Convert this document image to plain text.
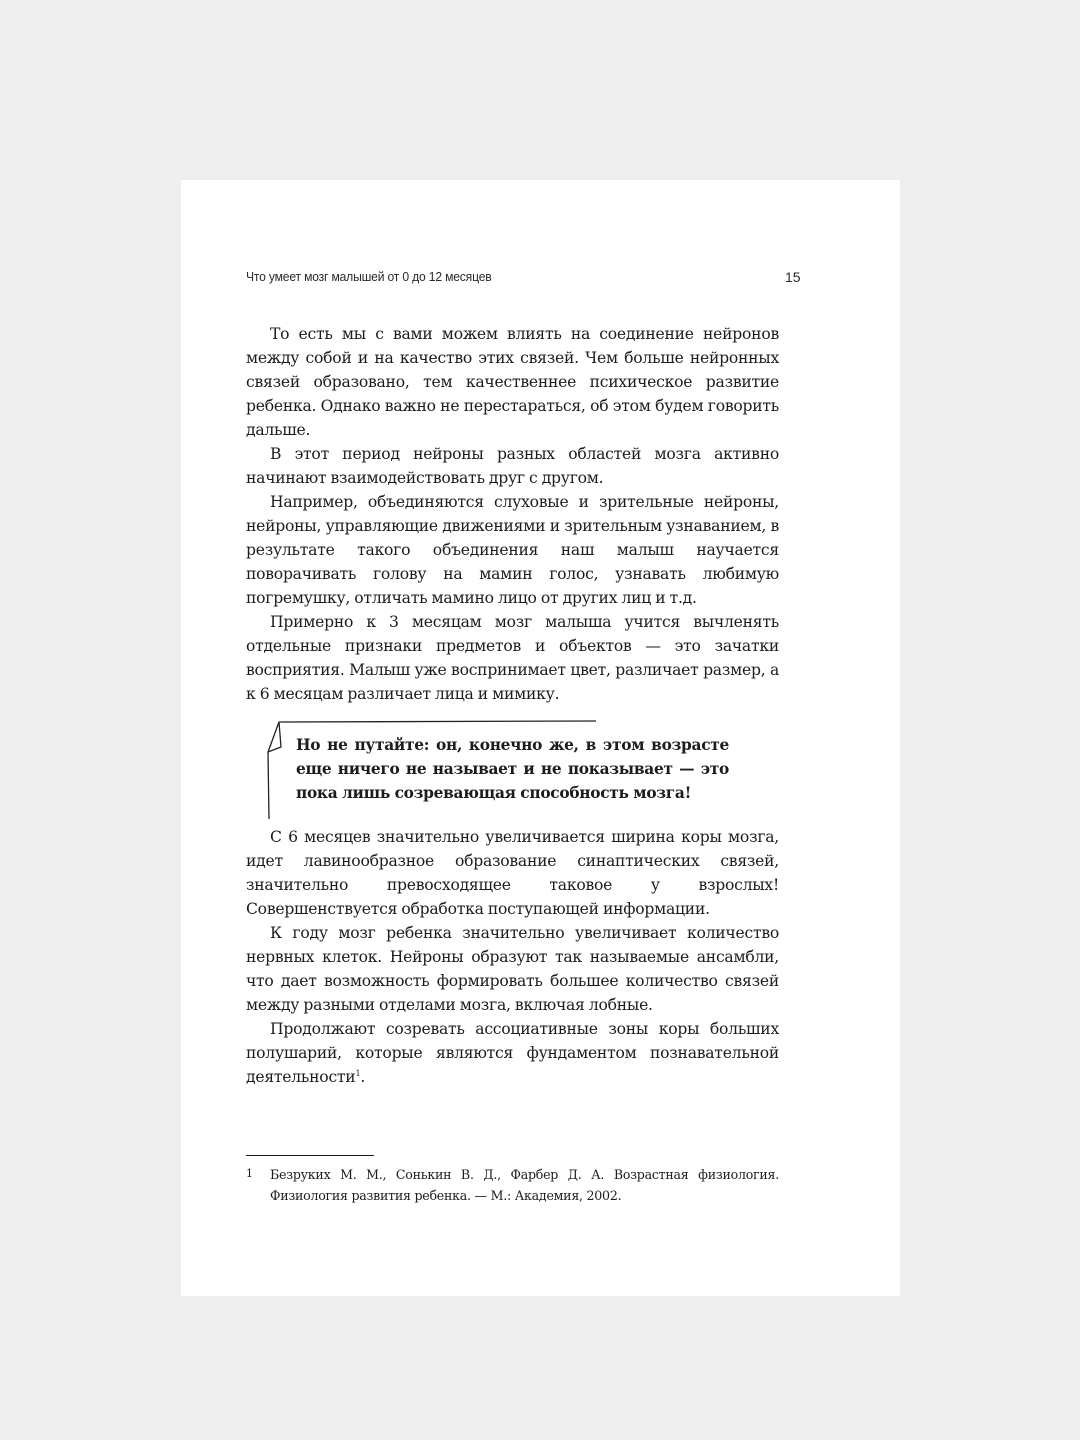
Что умеет мозг малышей от 0 до 12 месяцев	15

То есть мы с вами можем влиять на соединение нейронов между собой и на качество этих связей. Чем больше нейронных связей образовано, тем качественнее психическое развитие ребенка. Однако важно не перестараться, об этом будем говорить дальше.

В этот период нейроны разных областей мозга активно начинают взаимодействовать друг с другом.

Например, объединяются слуховые и зрительные нейроны, нейроны, управляющие движениями и зрительным узнаванием, в результате такого объединения наш малыш научается поворачивать голову на мамин голос, узнавать любимую погремушку, отличать мамино лицо от других лиц и т.д.

Примерно к 3 месяцам мозг малыша учится вычленять отдельные признаки предметов и объектов — это зачатки восприятия. Малыш уже воспринимает цвет, различает размер, а к 6 месяцам различает лица и мимику.

Но не путайте: он, конечно же, в этом возрасте еще ничего не называет и не показывает — это пока лишь созревающая способность мозга!

С 6 месяцев значительно увеличивается ширина коры мозга, идет лавинообразное образование синаптических связей, значительно превосходящее таковое у взрослых! Совершенствуется обработка поступающей информации.

К году мозг ребенка значительно увеличивает количество нервных клеток. Нейроны образуют так называемые ансамбли, что дает возможность формировать большее количество связей между разными отделами мозга, включая лобные.

Продолжают созревать ассоциативные зоны коры больших полушарий, которые являются фундаментом познавательной деятельности$^1$.

1 Безруких М. М., Сонькин В. Д., Фарбер Д. А. Возрастная физиология. Физиология развития ребенка. — М.: Академия, 2002.
